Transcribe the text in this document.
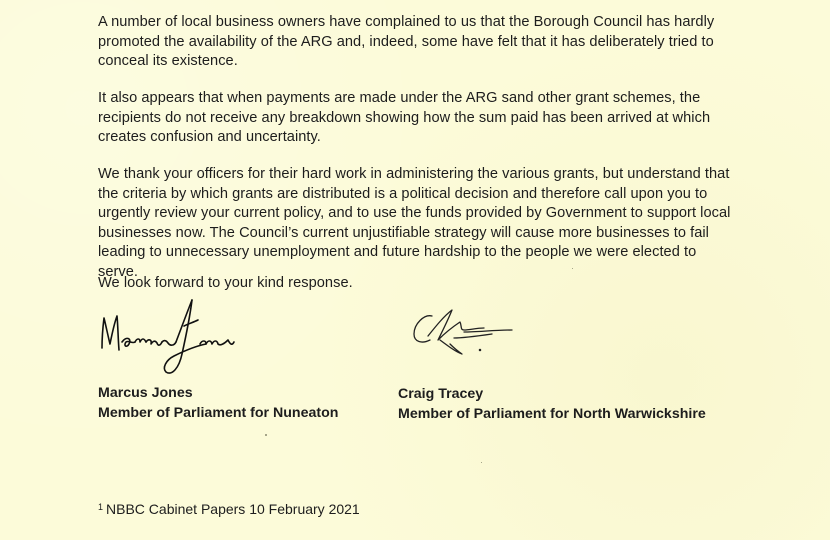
A number of local business owners have complained to us that the Borough Council has hardly
promoted the availability of the ARG and, indeed, some have felt that it has deliberately tried to
conceal its existence.

It also appears that when payments are made under the ARG sand other grant schemes, the
recipients do not receive any breakdown showing how the sum paid has been arrived at which
creates confusion and uncertainty.

We thank your officers for their hard work in administering the various grants, but understand that
the criteria by which grants are distributed is a political decision and therefore call upon you to
urgently review your current policy, and to use the funds provided by Government to support local
businesses now. The Council’s current unjustifiable strategy will cause more businesses to fail
leading to unnecessary unemployment and future hardship to the people we were elected to serve.

We look forward to your kind response.

Marcus Jones
Member of Parliament for Nuneaton
Craig Tracey
Member of Parliament for North Warwickshire
$^1$ NBBC Cabinet Papers 10 February 2021
